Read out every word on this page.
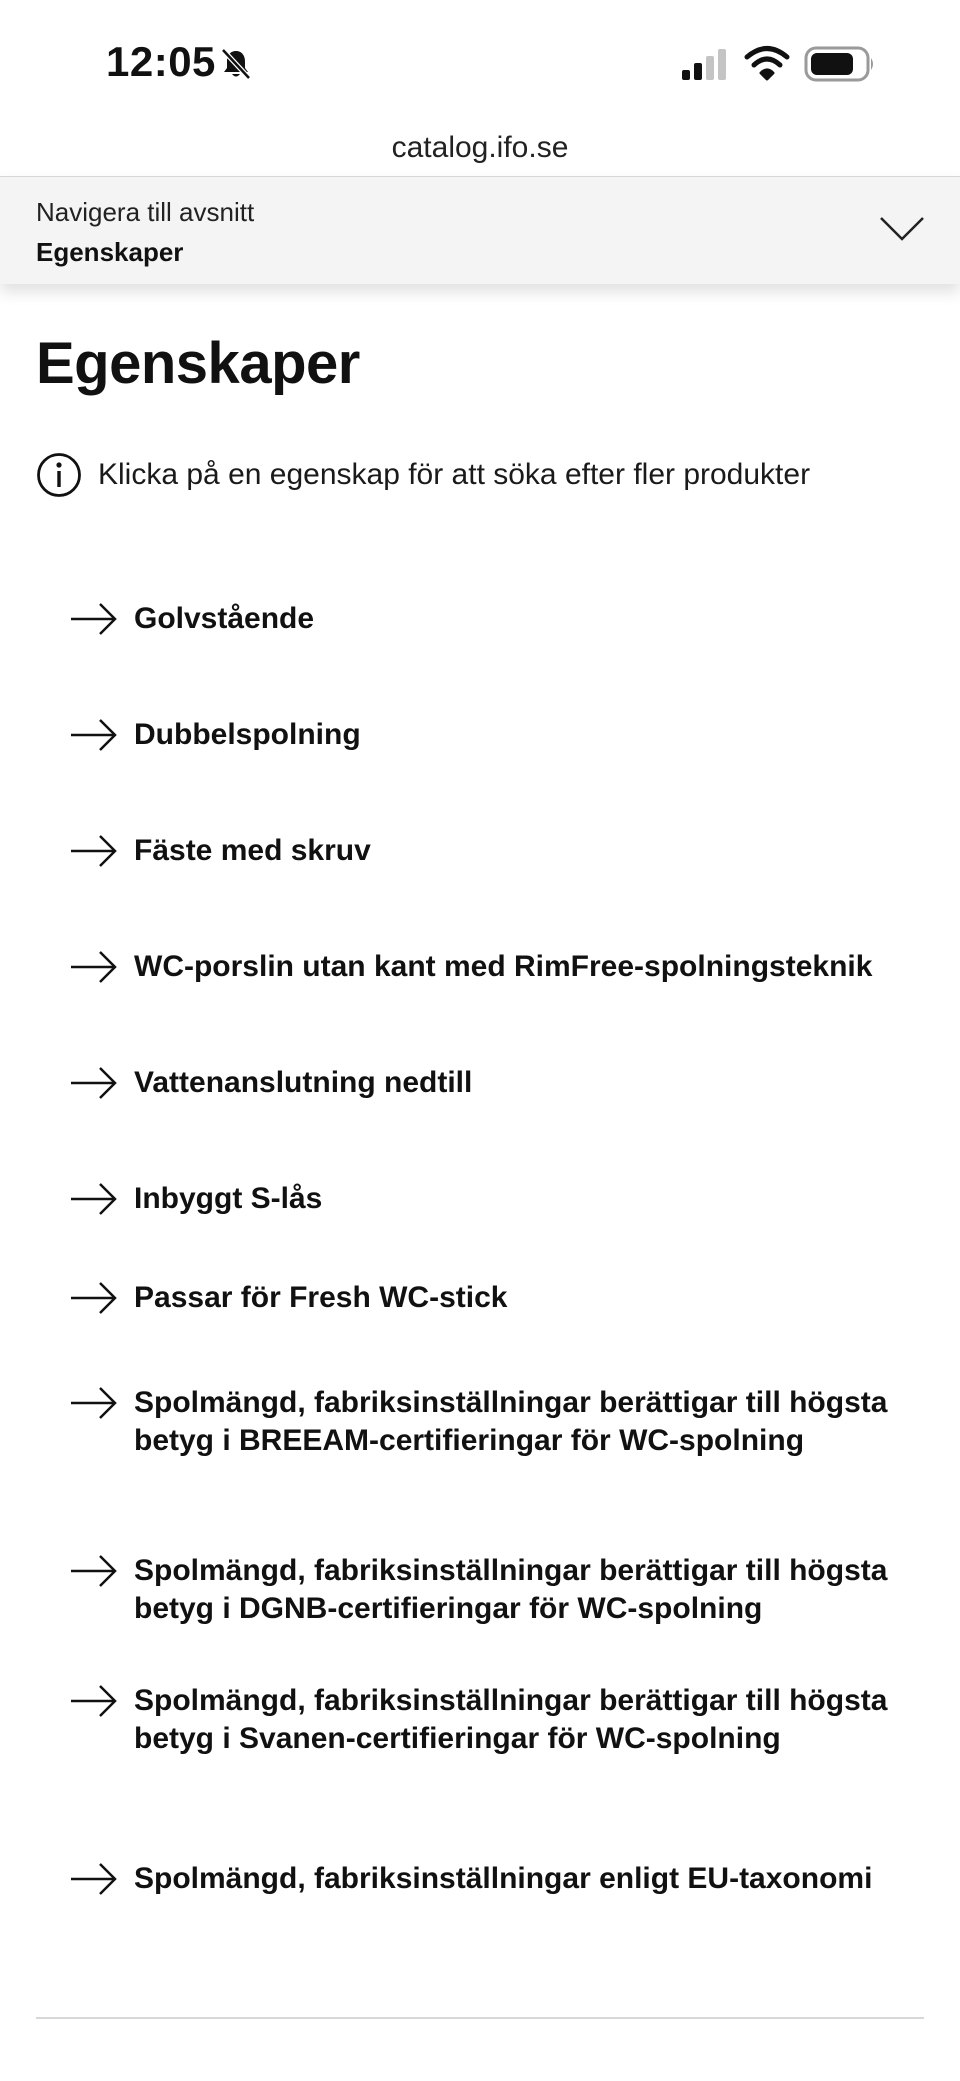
12:05
catalog.ifo.se
Navigera till avsnitt
Egenskaper
Egenskaper
Klicka på en egenskap för att söka efter fler produkter
Golvstående
Dubbelspolning
Fäste med skruv
WC-porslin utan kant med RimFree-spolningsteknik
Vattenanslutning nedtill
Inbyggt S-lås
Passar för Fresh WC-stick
Spolmängd, fabriksinställningar berättigar till högsta betyg i BREEAM-certifieringar för WC-spolning
Spolmängd, fabriksinställningar berättigar till högsta betyg i DGNB-certifieringar för WC-spolning
Spolmängd, fabriksinställningar berättigar till högsta betyg i Svanen-certifieringar för WC-spolning
Spolmängd, fabriksinställningar enligt EU-taxonomi
